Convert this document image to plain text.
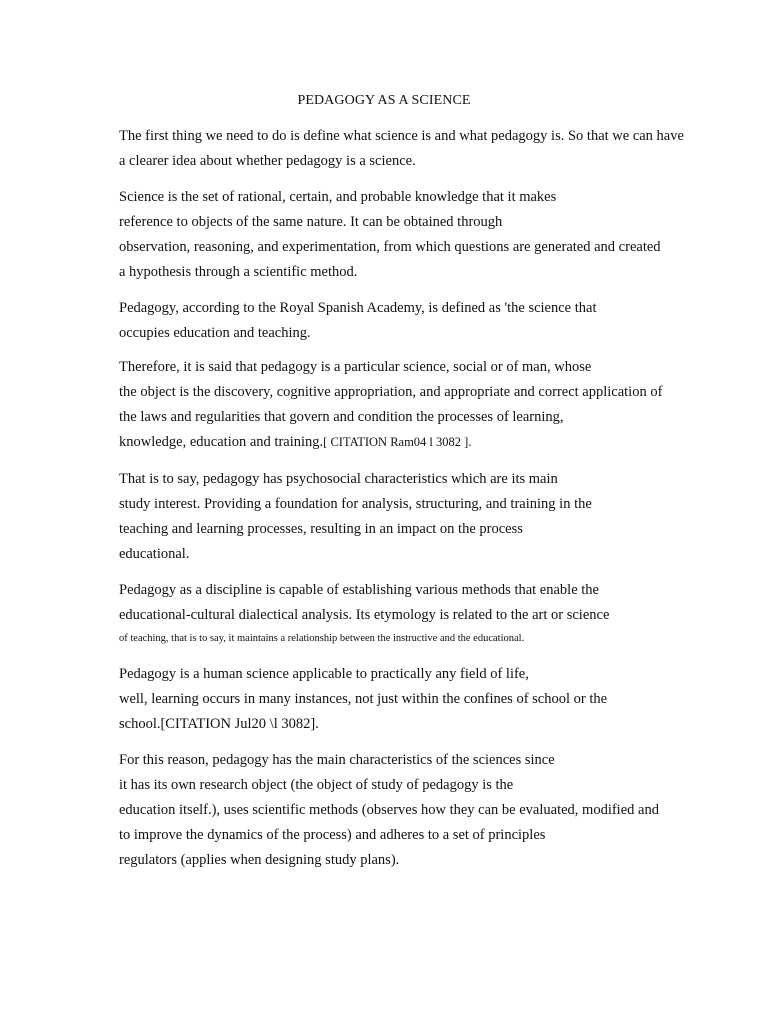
PEDAGOGY AS A SCIENCE
The first thing we need to do is define what science is and what pedagogy is. So that we can have
a clearer idea about whether pedagogy is a science.
Science is the set of rational, certain, and probable knowledge that it makes
reference to objects of the same nature. It can be obtained through
observation, reasoning, and experimentation, from which questions are generated and created
a hypothesis through a scientific method.
Pedagogy, according to the Royal Spanish Academy, is defined as 'the science that
occupies education and teaching.
Therefore, it is said that pedagogy is a particular science, social or of man, whose
the object is the discovery, cognitive appropriation, and appropriate and correct application of
the laws and regularities that govern and condition the processes of learning,
knowledge, education and training.[ CITATION Ram04 l 3082 ].
That is to say, pedagogy has psychosocial characteristics which are its main
study interest. Providing a foundation for analysis, structuring, and training in the
teaching and learning processes, resulting in an impact on the process
educational.
Pedagogy as a discipline is capable of establishing various methods that enable the
educational-cultural dialectical analysis. Its etymology is related to the art or science
of teaching, that is to say, it maintains a relationship between the instructive and the educational.
Pedagogy is a human science applicable to practically any field of life,
well, learning occurs in many instances, not just within the confines of school or the
school.[CITATION Jul20 \l 3082].
For this reason, pedagogy has the main characteristics of the sciences since
it has its own research object (the object of study of pedagogy is the
education itself.), uses scientific methods (observes how they can be evaluated, modified and
to improve the dynamics of the process) and adheres to a set of principles
regulators (applies when designing study plans).
